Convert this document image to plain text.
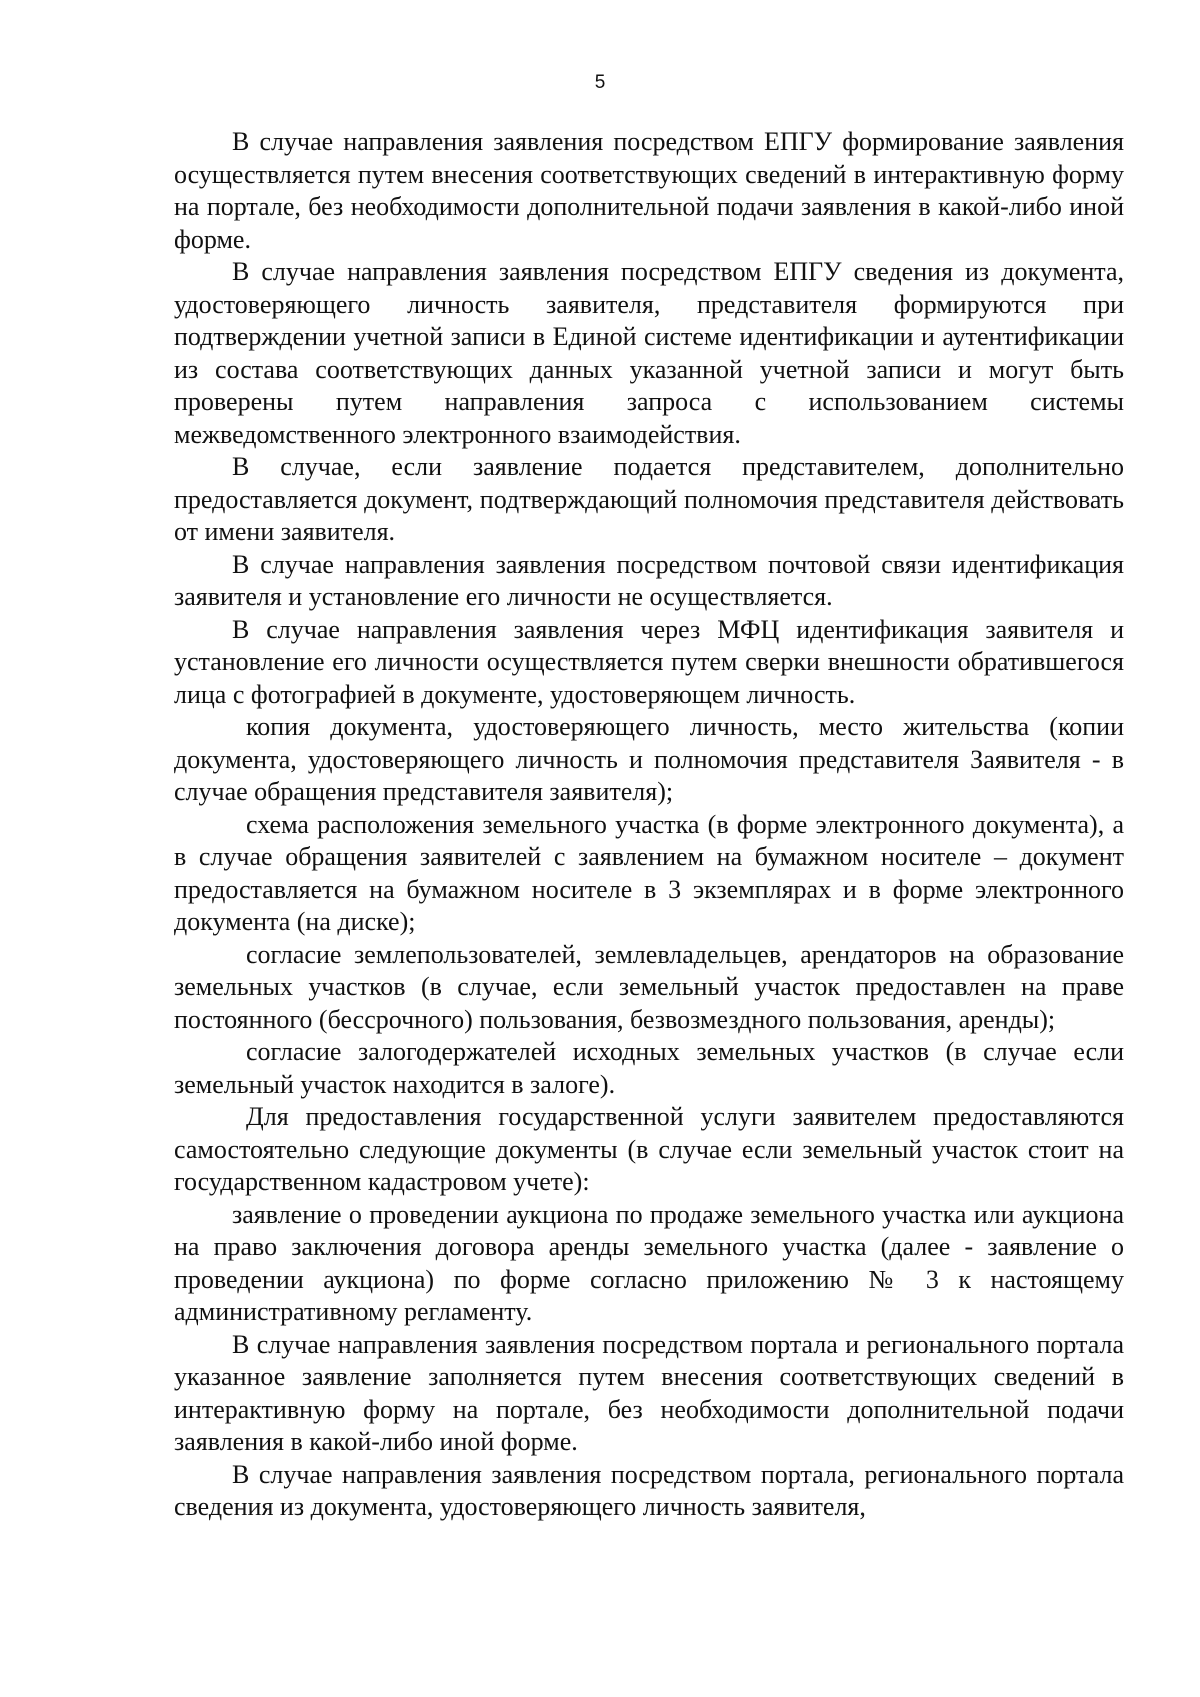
5

В случае направления заявления посредством ЕПГУ формирование заявления осуществляется путем внесения соответствующих сведений в интерактивную форму на портале, без необходимости дополнительной подачи заявления в какой-либо иной форме.

В случае направления заявления посредством ЕПГУ сведения из документа, удостоверяющего личность заявителя, представителя формируются при подтверждении учетной записи в Единой системе идентификации и аутентификации из состава соответствующих данных указанной учетной записи и могут быть проверены путем направления запроса с использованием системы межведомственного электронного взаимодействия.

В случае, если заявление подается представителем, дополнительно предоставляется документ, подтверждающий полномочия представителя действовать от имени заявителя.

В случае направления заявления посредством почтовой связи идентификация заявителя и установление его личности не осуществляется.

В случае направления заявления через МФЦ идентификация заявителя и установление его личности осуществляется путем сверки внешности обратившегося лица с фотографией в документе, удостоверяющем личность.

копия документа, удостоверяющего личность, место жительства (копии документа, удостоверяющего личность и полномочия представителя Заявителя - в случае обращения представителя заявителя);

схема расположения земельного участка (в форме электронного документа), а в случае обращения заявителей с заявлением на бумажном носителе – документ предоставляется на бумажном носителе в 3 экземплярах и в форме электронного документа (на диске);

согласие землепользователей, землевладельцев, арендаторов на образование земельных участков (в случае, если земельный участок предоставлен на праве постоянного (бессрочного) пользования, безвозмездного пользования, аренды);

согласие залогодержателей исходных земельных участков (в случае если земельный участок находится в залоге).

Для предоставления государственной услуги заявителем предоставляются самостоятельно следующие документы (в случае если земельный участок стоит на государственном кадастровом учете):

заявление о проведении аукциона по продаже земельного участка или аукциона на право заключения договора аренды земельного участка (далее - заявление о проведении аукциона) по форме согласно приложению № 3 к настоящему административному регламенту.

В случае направления заявления посредством портала и регионального портала указанное заявление заполняется путем внесения соответствующих сведений в интерактивную форму на портале, без необходимости дополнительной подачи заявления в какой-либо иной форме.

В случае направления заявления посредством портала, регионального портала сведения из документа, удостоверяющего личность заявителя,
